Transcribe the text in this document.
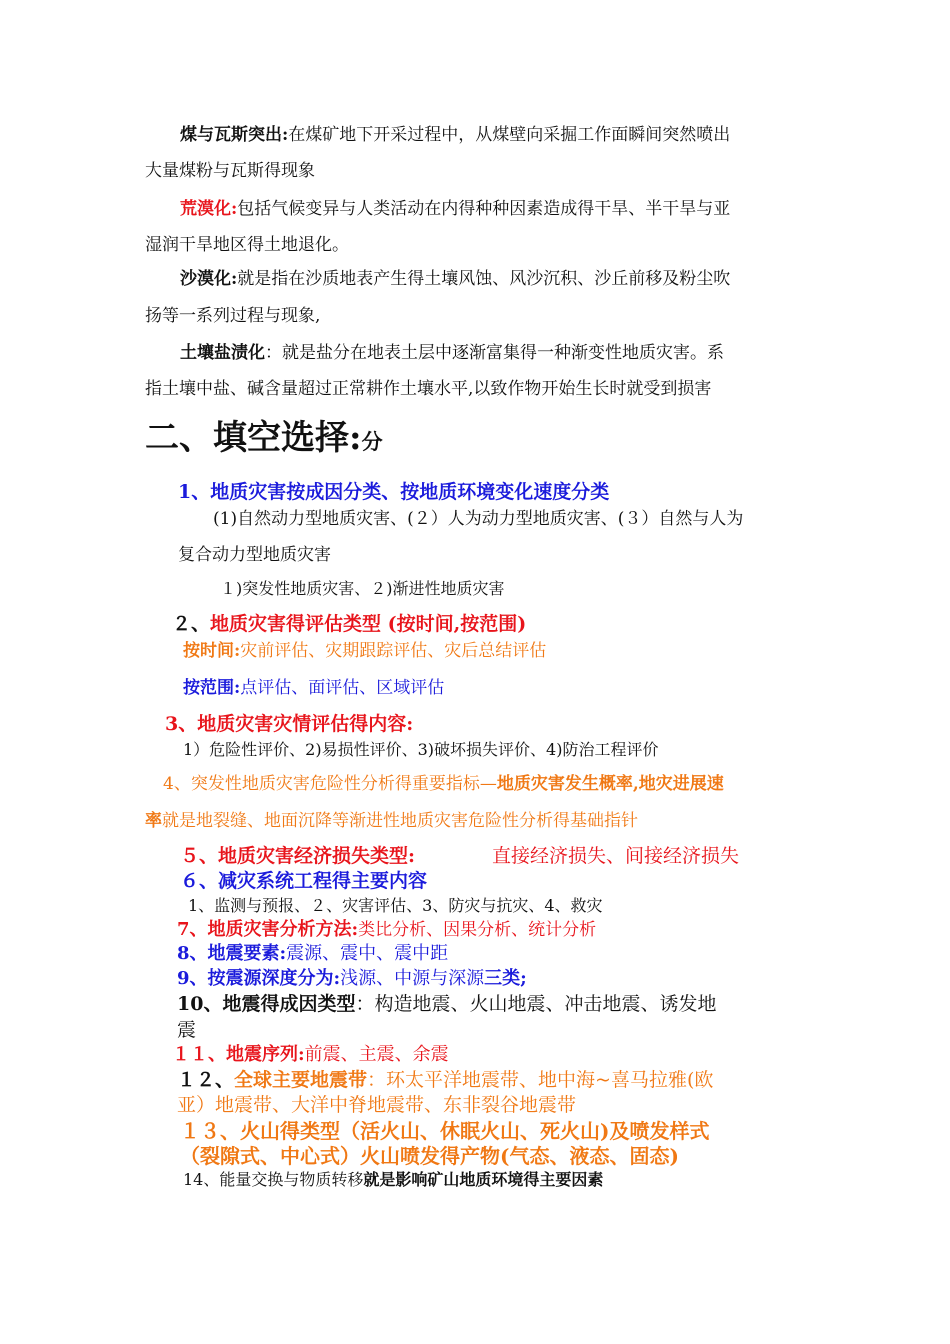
煤与瓦斯突出:在煤矿地下开采过程中，从煤壁向采掘工作面瞬间突然喷出
大量煤粉与瓦斯得现象
荒漠化:包括气候变异与人类活动在内得种种因素造成得干旱、半干旱与亚
湿润干旱地区得土地退化。
沙漠化:就是指在沙质地表产生得土壤风蚀、风沙沉积、沙丘前移及粉尘吹
扬等一系列过程与现象,
土壤盐渍化：就是盐分在地表土层中逐渐富集得一种渐变性地质灾害。系
指土壤中盐、碱含量超过正常耕作土壤水平,以致作物开始生长时就受到损害
二、填空选择:分
1、地质灾害按成因分类、按地质环境变化速度分类
(1)自然动力型地质灾害、(２）人为动力型地质灾害、(３）自然与人为
复合动力型地质灾害
１)突发性地质灾害、２)渐进性地质灾害
２、地质灾害得评估类型 (按时间,按范围)
按时间:灾前评估、灾期跟踪评估、灾后总结评估
按范围:点评估、面评估、区域评估
3、地质灾害灾情评估得内容:
1）危险性评价、2)易损性评价、3)破坏损失评价、4)防治工程评价
4、突发性地质灾害危险性分析得重要指标—地质灾害发生概率,地灾进展速
率就是地裂缝、地面沉降等渐进性地质灾害危险性分析得基础指针
５、地质灾害经济损失类型:	直接经济损失、间接经济损失
６、减灾系统工程得主要内容
1、监测与预报、２、灾害评估、3、防灾与抗灾、4、救灾
7、地质灾害分析方法:类比分析、因果分析、统计分析
8、地震要素:震源、震中、震中距
9、按震源深度分为:浅源、中源与深源三类;
10、地震得成因类型：构造地震、火山地震、冲击地震、诱发地
震
１１、地震序列:前震、主震、余震
１２、全球主要地震带：环太平洋地震带、地中海~喜马拉雅(欧
亚）地震带、大洋中脊地震带、东非裂谷地震带
１３、火山得类型（活火山、休眠火山、死火山)及喷发样式
（裂隙式、中心式）火山喷发得产物(气态、液态、固态)
14、能量交换与物质转移就是影响矿山地质环境得主要因素
